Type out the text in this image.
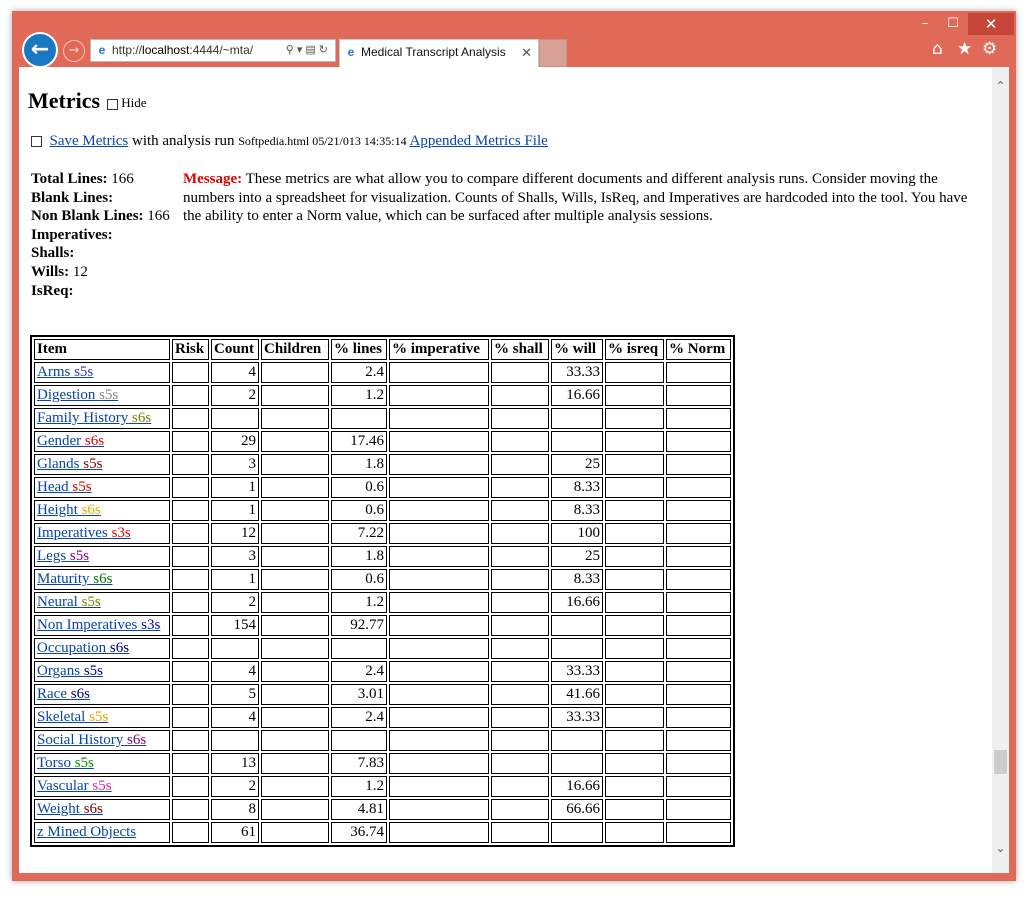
–	☐	✕
←	→	e http://localhost:4444/~mta/	⚲▾▤↻	e Medical Transcript Analysis ✕	⌂ ★ ⚙
Metrics	Hide
Save Metrics with analysis run Softpedia.html 05/21/013 14:35:14 Appended Metrics File
Message: These metrics are what allow you to compare different documents and different analysis runs. Consider moving the numbers into a spreadsheet for visualization. Counts of Shalls, Wills, IsReq, and Imperatives are hardcoded into the tool. You have the ability to enter a Norm value, which can be surfaced after multiple analysis sessions.
Total Lines: 166
Blank Lines:
Non Blank Lines: 166
Imperatives:
Shalls:
Wills: 12
IsReq:
Item	Risk	Count	Children	% lines	% imperative	% shall	% will	% isreq	% Norm
Arms s5s		4		2.4			33.33		
Digestion s5s		2		1.2			16.66		
Family History s6s									
Gender s6s		29		17.46					
Glands s5s		3		1.8			25		
Head s5s		1		0.6			8.33		
Height s6s		1		0.6			8.33		
Imperatives s3s		12		7.22			100		
Legs s5s		3		1.8			25		
Maturity s6s		1		0.6			8.33		
Neural s5s		2		1.2			16.66		
Non Imperatives s3s		154		92.77					
Occupation s6s									
Organs s5s		4		2.4			33.33		
Race s6s		5		3.01			41.66		
Skeletal s5s		4		2.4			33.33		
Social History s6s									
Torso s5s		13		7.83					
Vascular s5s		2		1.2			16.66		
Weight s6s		8		4.81			66.66		
z Mined Objects		61		36.74					
⌃
⌄
